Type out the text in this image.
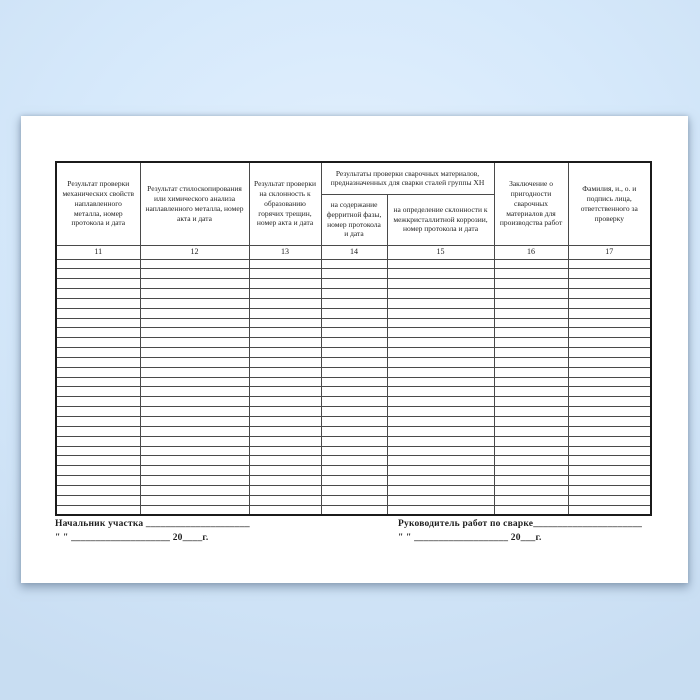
Результат проверки механических свойств наплавленного металла, номер протокола и дата	Результат стилоскопирования или химического анализа наплавленного металла, номер акта и дата	Результат проверки на склонность к образованию горячих трещин, номер акта и дата	Результаты проверки сварочных материалов, предназначенных для сварки сталей группы ХН		Заключение о пригодности сварочных материалов для производства работ	Фамилия, и., о. и подпись лица, ответственного за проверку
			на содержание ферритной фазы, номер протокола и дата	на определение склонности к межкристаллитной коррозии, номер протокола и дата		
11	12	13	14	15	16	17

Начальник участка _____________________
" " ____________________ 20____г.
Руководитель работ по сварке______________________
" " ___________________ 20___г.
